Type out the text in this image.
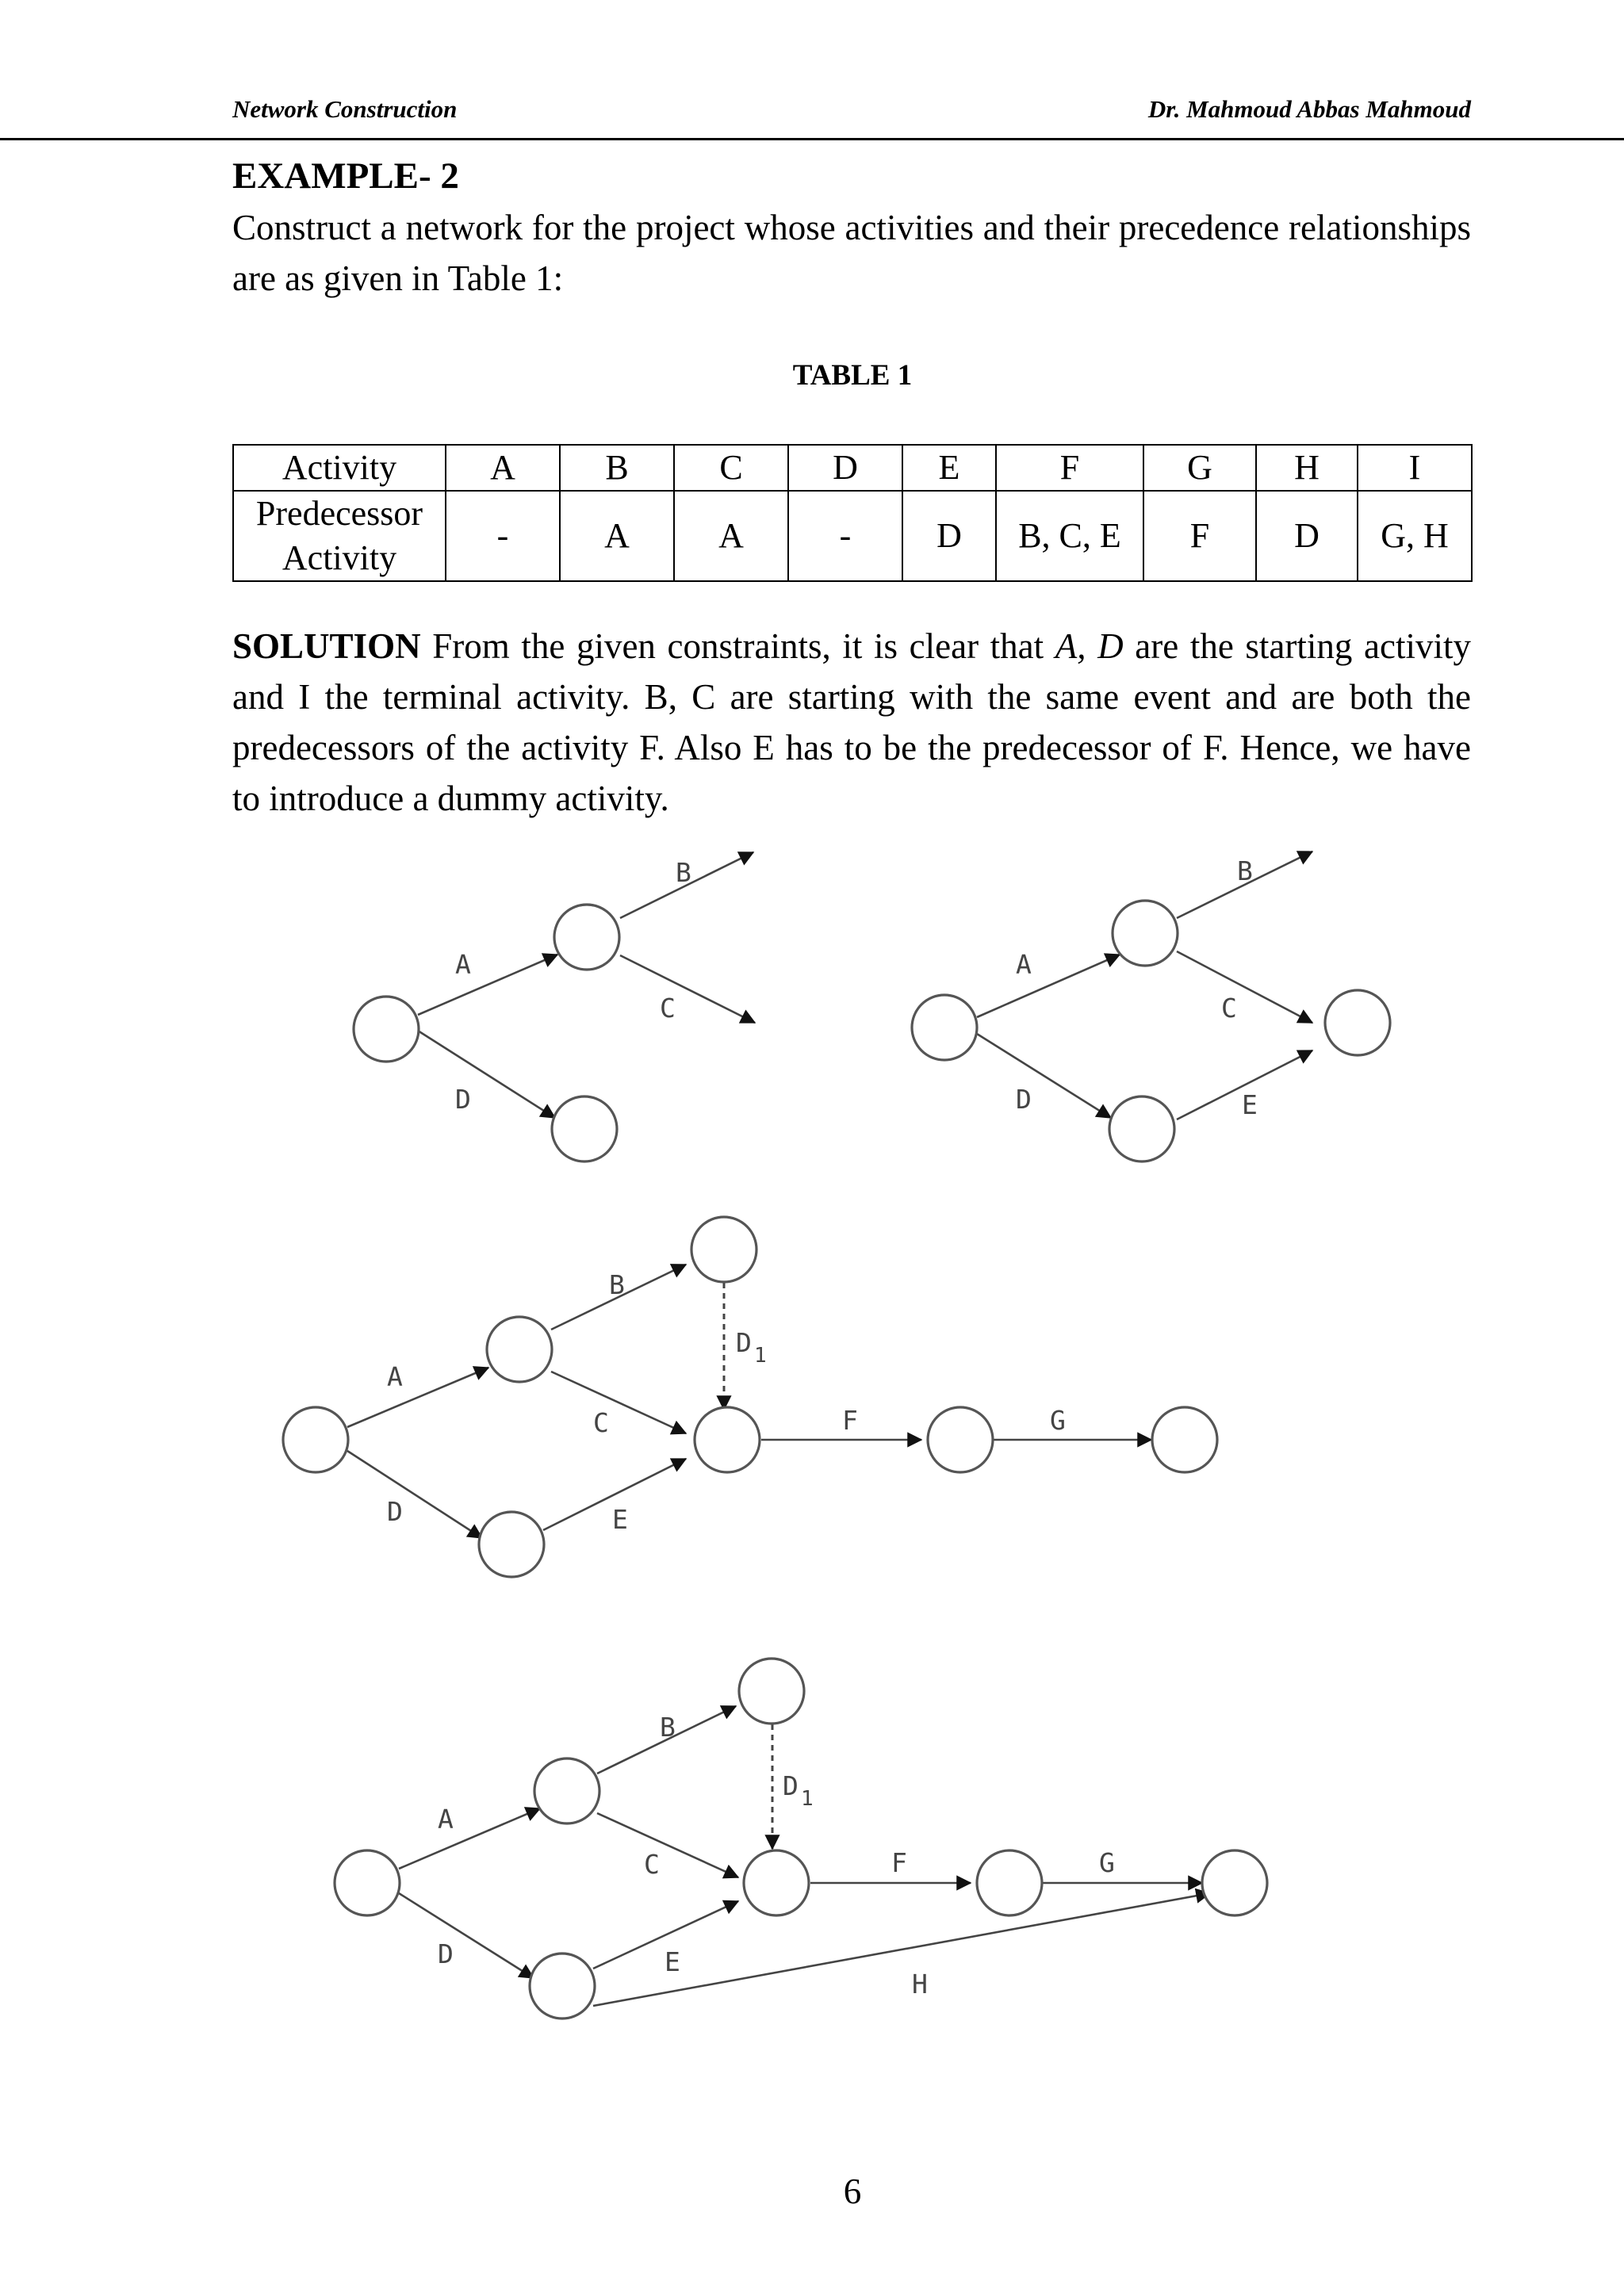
Network Construction	Dr. Mahmoud Abbas Mahmoud
EXAMPLE- 2
Construct a network for the project whose activities and their precedence relationships are as given in Table 1:
TABLE 1
Activity	A	B	C	D	E	F	G	H	I
Predecessor
Activity	-	A	A	-	D	B, C, E	F	D	G, H
SOLUTION From the given constraints, it is clear that A, D are the starting activity and I the terminal activity. B, C are starting with the same event and are both the predecessors of the activity F. Also E has to be the predecessor of F. Hence, we have to introduce a dummy activity.
A
B
C
D
A
B
C
D	E
A
B
C
D	E
F	G
D 1
A
B
C
D	E
F	G
H
D 1
6
